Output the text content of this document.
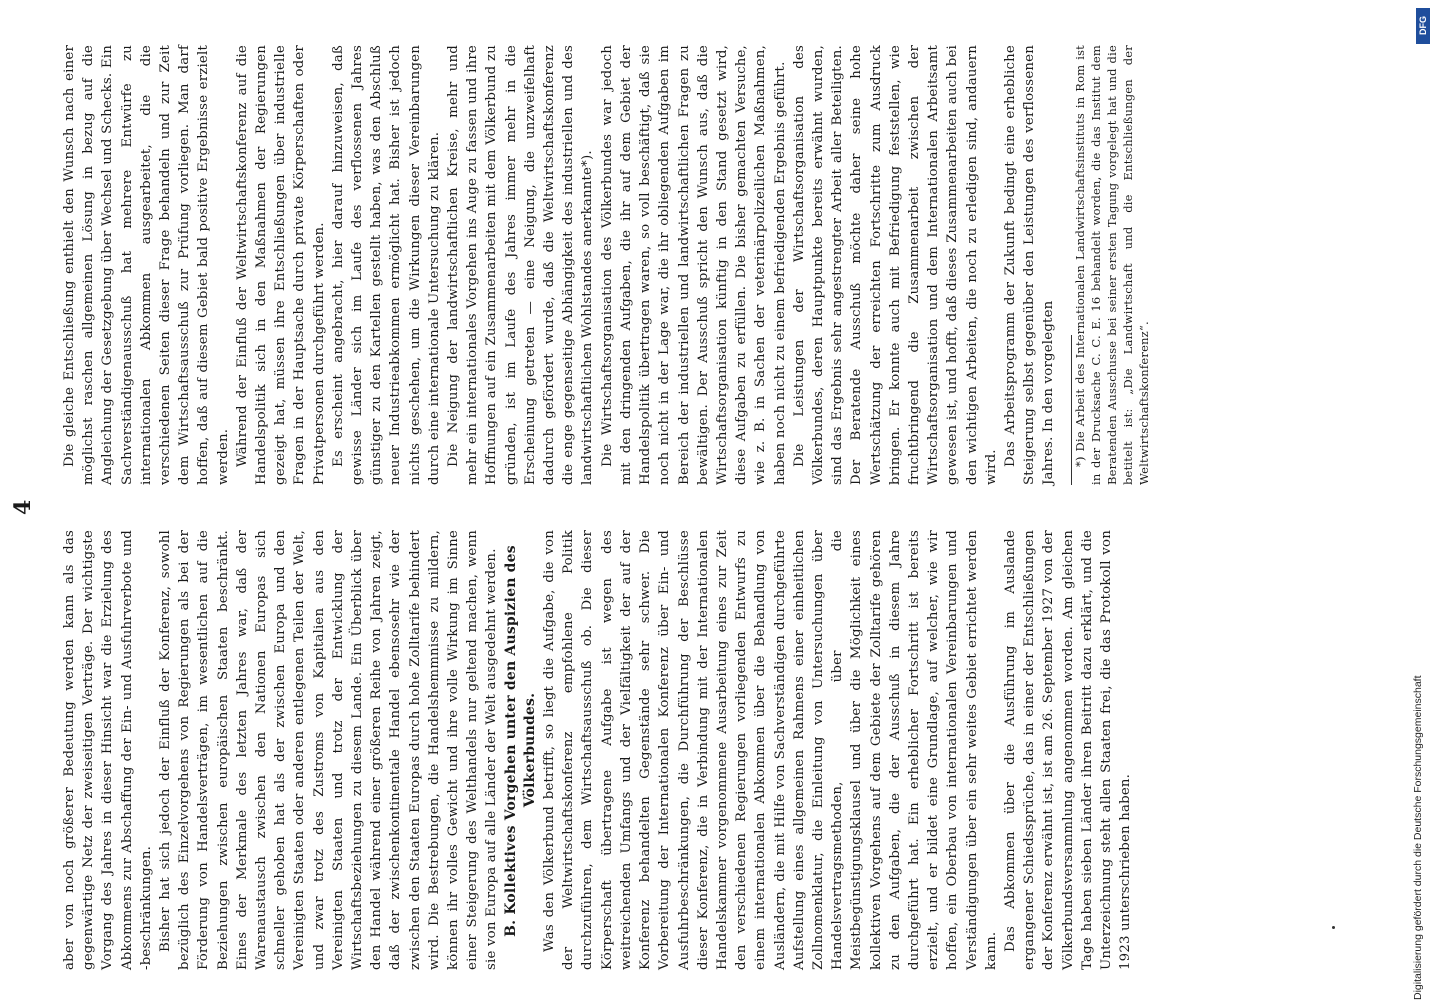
4

aber von noch größerer Bedeutung werden kann als das gegenwärtige Netz der zweiseitigen Verträge. Der wichtigste Vorgang des Jahres in dieser Hinsicht war die Erzielung des Abkommens zur Abschaffung der Ein- und Ausfuhrverbote und -beschränkungen. Bisher hat sich jedoch der Einfluß der Konferenz, sowohl bezüglich des Einzelvorgehens von Regierungen als bei der Förderung von Handelsverträgen, im wesentlichen auf die Beziehungen zwischen europäischen Staaten beschränkt. Eines der Merkmale des letzten Jahres war, daß der Warenaustausch zwischen den Nationen Europas sich schneller gehoben hat als der zwischen Europa und den Vereinigten Staaten oder anderen entlegenen Teilen der Welt, und zwar trotz des Zustroms von Kapitalien aus den Vereinigten Staaten und trotz der Entwicklung der Wirtschaftsbeziehungen zu diesem Lande. Ein Überblick über den Handel während einer größeren Reihe von Jahren zeigt, daß der zwischenkontinentale Handel ebensosehr wie der zwischen den Staaten Europas durch hohe Zolltarife behindert wird. Die Bestrebungen, die Handelshemmnisse zu mildern, können ihr volles Gewicht und ihre volle Wirkung im Sinne einer Steigerung des Welthandels nur geltend machen, wenn sie von Europa auf alle Länder der Welt ausgedehnt werden. B. Kollektives Vorgehen unter den Auspizien des Völkerbundes. Was den Völkerbund betrifft, so liegt die Aufgabe, die von der Weltwirtschaftskonferenz empfohlene Politik durchzuführen, dem Wirtschaftsausschuß ob. Die dieser Körperschaft übertragene Aufgabe ist wegen des weitreichenden Umfangs und der Vielfältigkeit der auf der Konferenz behandelten Gegenstände sehr schwer. Die Vorbereitung der Internationalen Konferenz über Ein- und Ausfuhrbeschränkungen, die Durchführung der Beschlüsse dieser Konferenz, die in Verbindung mit der Internationalen Handelskammer vorgenommene Ausarbeitung eines zur Zeit den verschiedenen Regierungen vorliegenden Entwurfs zu einem internationalen Abkommen über die Behandlung von Ausländern, die mit Hilfe von Sachverständigen durchgeführte Aufstellung eines allgemeinen Rahmens einer einheitlichen Zollnomenklatur, die Einleitung von Untersuchungen über Handelsvertragsmethoden, über die Meistbegünstigungsklausel und über die Möglichkeit eines kollektiven Vorgehens auf dem Gebiete der Zolltarife gehören zu den Aufgaben, die der Ausschuß in diesem Jahre durchgeführt hat. Ein erheblicher Fortschritt ist bereits erzielt, und er bildet eine Grundlage, auf welcher, wie wir hoffen, ein Oberbau von internationalen Vereinbarungen und Verständigungen über ein sehr weites Gebiet errichtet werden kann. Das Abkommen über die Ausführung im Auslande ergangener Schiedssprüche, das in einer der Entschließungen der Konferenz erwähnt ist, ist am 26. September 1927 von der Völkerbundsversammlung angenommen worden. Am gleichen Tage haben sieben Länder ihren Beitritt dazu erklärt, und die Unterzeichnung steht allen Staaten frei, die das Protokoll von 1923 unterschrieben haben.

Die gleiche Entschließung enthielt den Wunsch nach einer möglichst raschen allgemeinen Lösung in bezug auf die Angleichung der Gesetzgebung über Wechsel und Schecks. Ein Sachverständigenausschuß hat mehrere Entwürfe zu internationalen Abkommen ausgearbeitet, die die verschiedenen Seiten dieser Frage behandeln und zur Zeit dem Wirtschaftsausschuß zur Prüfung vorliegen. Man darf hoffen, daß auf diesem Gebiet bald positive Ergebnisse erzielt werden. Während der Einfluß der Weltwirtschaftskonferenz auf die Handelspolitik sich in den Maßnahmen der Regierungen gezeigt hat, müssen ihre Entschließungen über industrielle Fragen in der Hauptsache durch private Körperschaften oder Privatpersonen durchgeführt werden. Es erscheint angebracht, hier darauf hinzuweisen, daß gewisse Länder sich im Laufe des verflossenen Jahres günstiger zu den Kartellen gestellt haben, was den Abschluß neuer Industrieabkommen ermöglicht hat. Bisher ist jedoch nichts geschehen, um die Wirkungen dieser Vereinbarungen durch eine internationale Untersuchung zu klären. Die Neigung der landwirtschaftlichen Kreise, mehr und mehr ein internationales Vorgehen ins Auge zu fassen und ihre Hoffnungen auf ein Zusammenarbeiten mit dem Völkerbund zu gründen, ist im Laufe des Jahres immer mehr in die Erscheinung getreten — eine Neigung, die unzweifelhaft dadurch gefördert wurde, daß die Weltwirtschaftskonferenz die enge gegenseitige Abhängigkeit des industriellen und des landwirtschaftlichen Wohlstandes anerkannte*). Die Wirtschaftsorganisation des Völkerbundes war jedoch mit den dringenden Aufgaben, die ihr auf dem Gebiet der Handelspolitik übertragen waren, so voll beschäftigt, daß sie noch nicht in der Lage war, die ihr obliegenden Aufgaben im Bereich der industriellen und landwirtschaftlichen Fragen zu bewältigen. Der Ausschuß spricht den Wunsch aus, daß die Wirtschaftsorganisation künftig in den Stand gesetzt wird, diese Aufgaben zu erfüllen. Die bisher gemachten Versuche, wie z. B. in Sachen der veterinärpolizeilichen Maßnahmen, haben noch nicht zu einem befriedigenden Ergebnis geführt. Die Leistungen der Wirtschaftsorganisation des Völkerbundes, deren Hauptpunkte bereits erwähnt wurden, sind das Ergebnis sehr angestrengter Arbeit aller Beteiligten. Der Beratende Ausschuß möchte daher seine hohe Wertschätzung der erreichten Fortschritte zum Ausdruck bringen. Er konnte auch mit Befriedigung feststellen, wie fruchtbringend die Zusammenarbeit zwischen der Wirtschaftsorganisation und dem Internationalen Arbeitsamt gewesen ist, und hofft, daß dieses Zusammenarbeiten auch bei den wichtigen Arbeiten, die noch zu erledigen sind, andauern wird.

Das Arbeitsprogramm der Zukunft bedingt eine erhebliche Steigerung selbst gegenüber den Leistungen des verflossenen Jahres. In den vorgelegten *) Die Arbeit des Internationalen Landwirtschaftsinstituts in Rom ist in der Drucksache C. C. E. 16 behandelt worden, die das Institut dem Beratenden Ausschusse bei seiner ersten Tagung vorgelegt hat und die betitelt ist: „Die Landwirtschaft und die Entschließungen der Weltwirtschaftskonferenz“.

Digitalisierung gefördert durch die Deutsche Forschungsgemeinschaft
DFG
